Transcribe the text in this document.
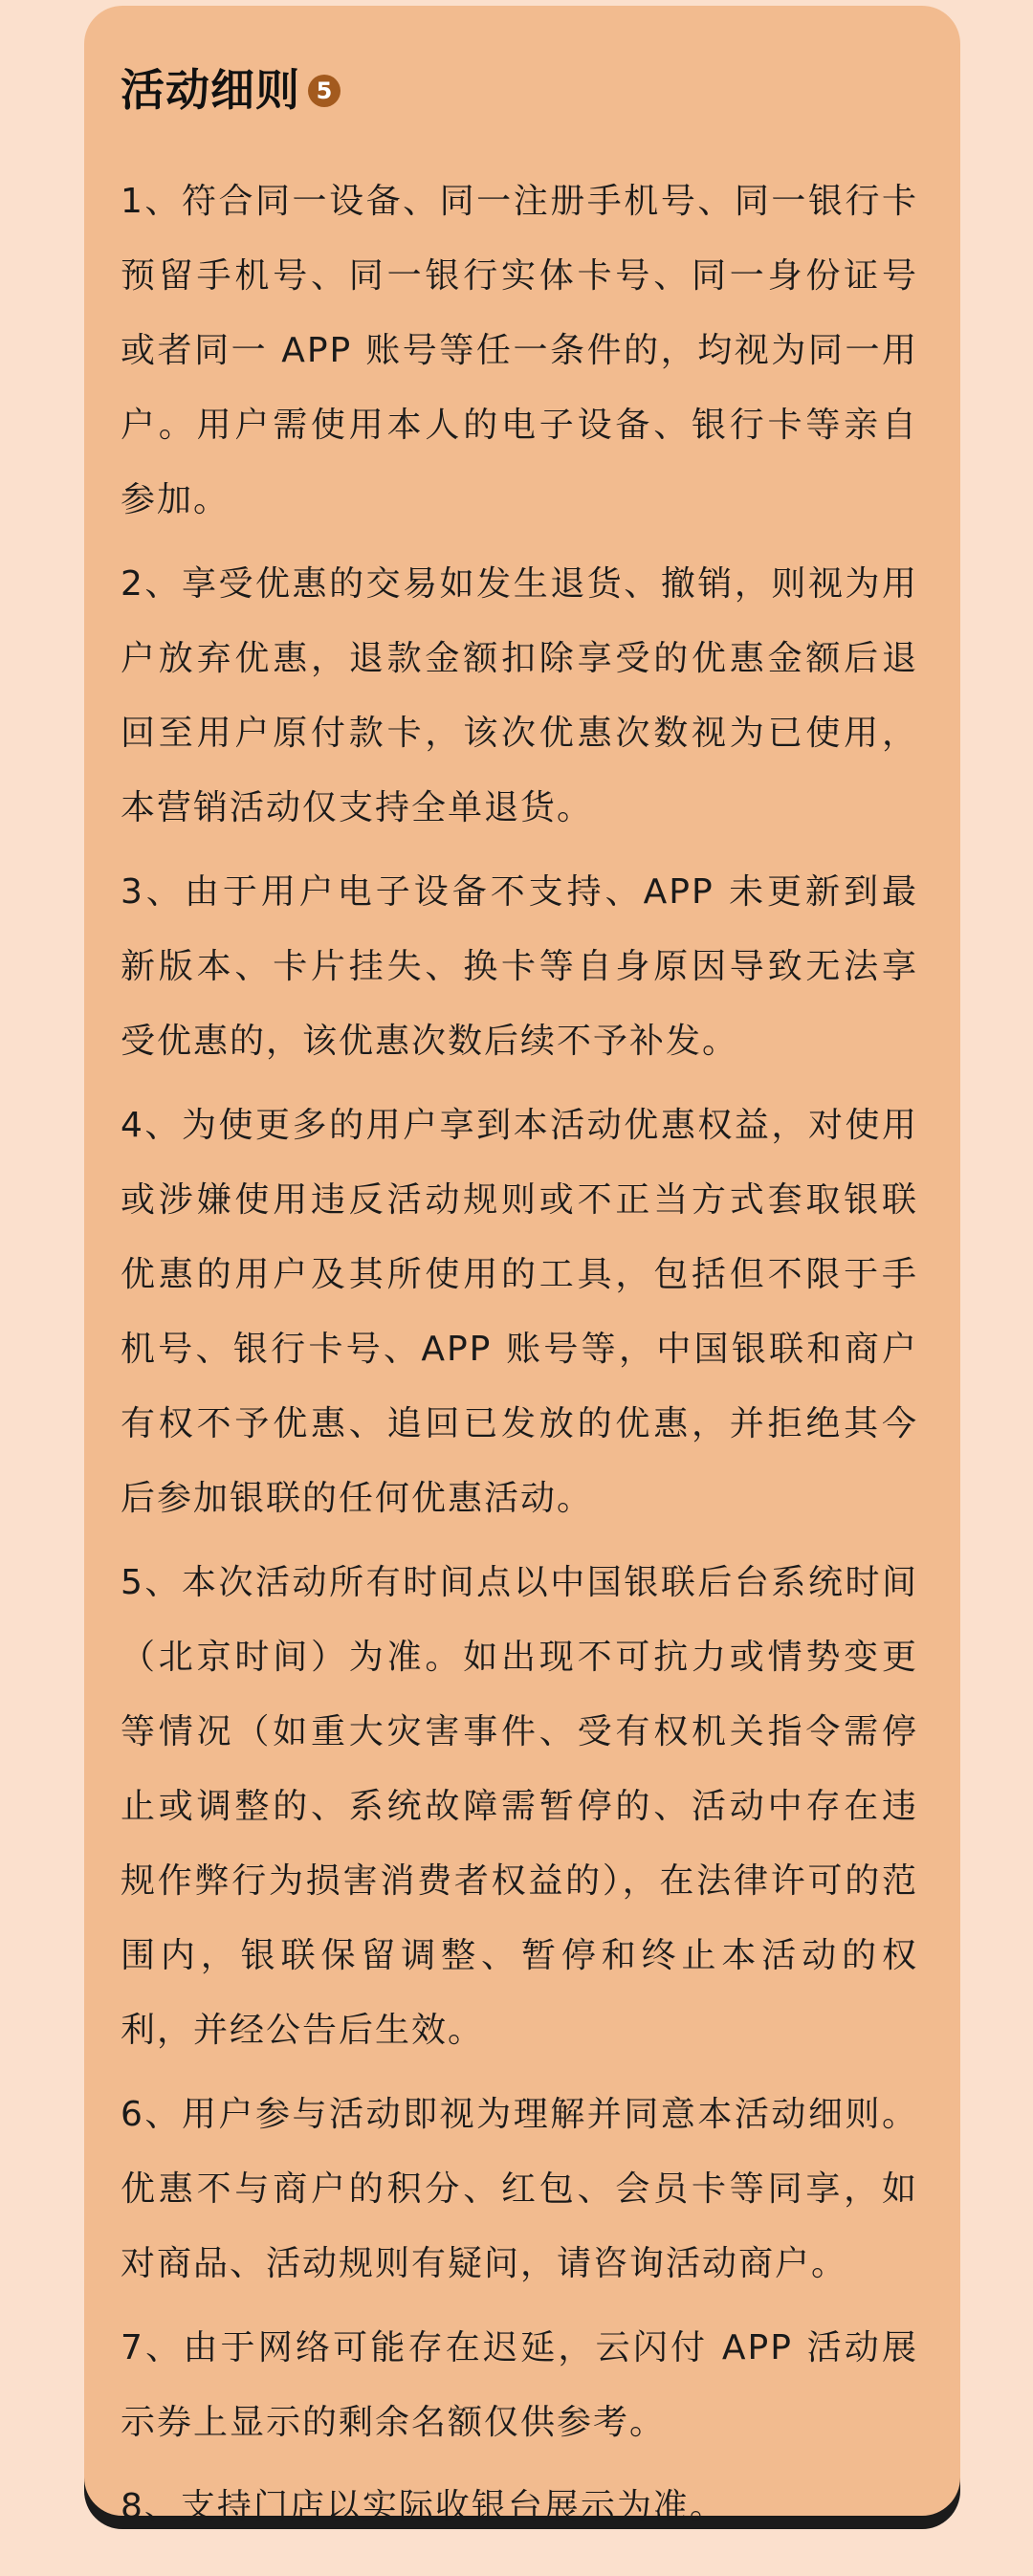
活动细则 5

1、符合同一设备、同一注册手机号、同一银行卡预留手机号、同一银行实体卡号、同一身份证号或者同一 APP 账号等任一条件的，均视为同一用户。用户需使用本人的电子设备、银行卡等亲自参加。

2、享受优惠的交易如发生退货、撤销，则视为用户放弃优惠，退款金额扣除享受的优惠金额后退回至用户原付款卡，该次优惠次数视为已使用，本营销活动仅支持全单退货。

3、由于用户电子设备不支持、APP 未更新到最新版本、卡片挂失、换卡等自身原因导致无法享受优惠的，该优惠次数后续不予补发。

4、为使更多的用户享到本活动优惠权益，对使用或涉嫌使用违反活动规则或不正当方式套取银联优惠的用户及其所使用的工具，包括但不限于手机号、银行卡号、APP 账号等，中国银联和商户有权不予优惠、追回已发放的优惠，并拒绝其今后参加银联的任何优惠活动。

5、本次活动所有时间点以中国银联后台系统时间（北京时间）为准。如出现不可抗力或情势变更等情况（如重大灾害事件、受有权机关指令需停止或调整的、系统故障需暂停的、活动中存在违规作弊行为损害消费者权益的），在法律许可的范围内，银联保留调整、暂停和终止本活动的权利，并经公告后生效。

6、用户参与活动即视为理解并同意本活动细则。优惠不与商户的积分、红包、会员卡等同享，如对商品、活动规则有疑问，请咨询活动商户。

7、由于网络可能存在迟延，云闪付 APP 活动展示券上显示的剩余名额仅供参考。

8、支持门店以实际收银台展示为准。
